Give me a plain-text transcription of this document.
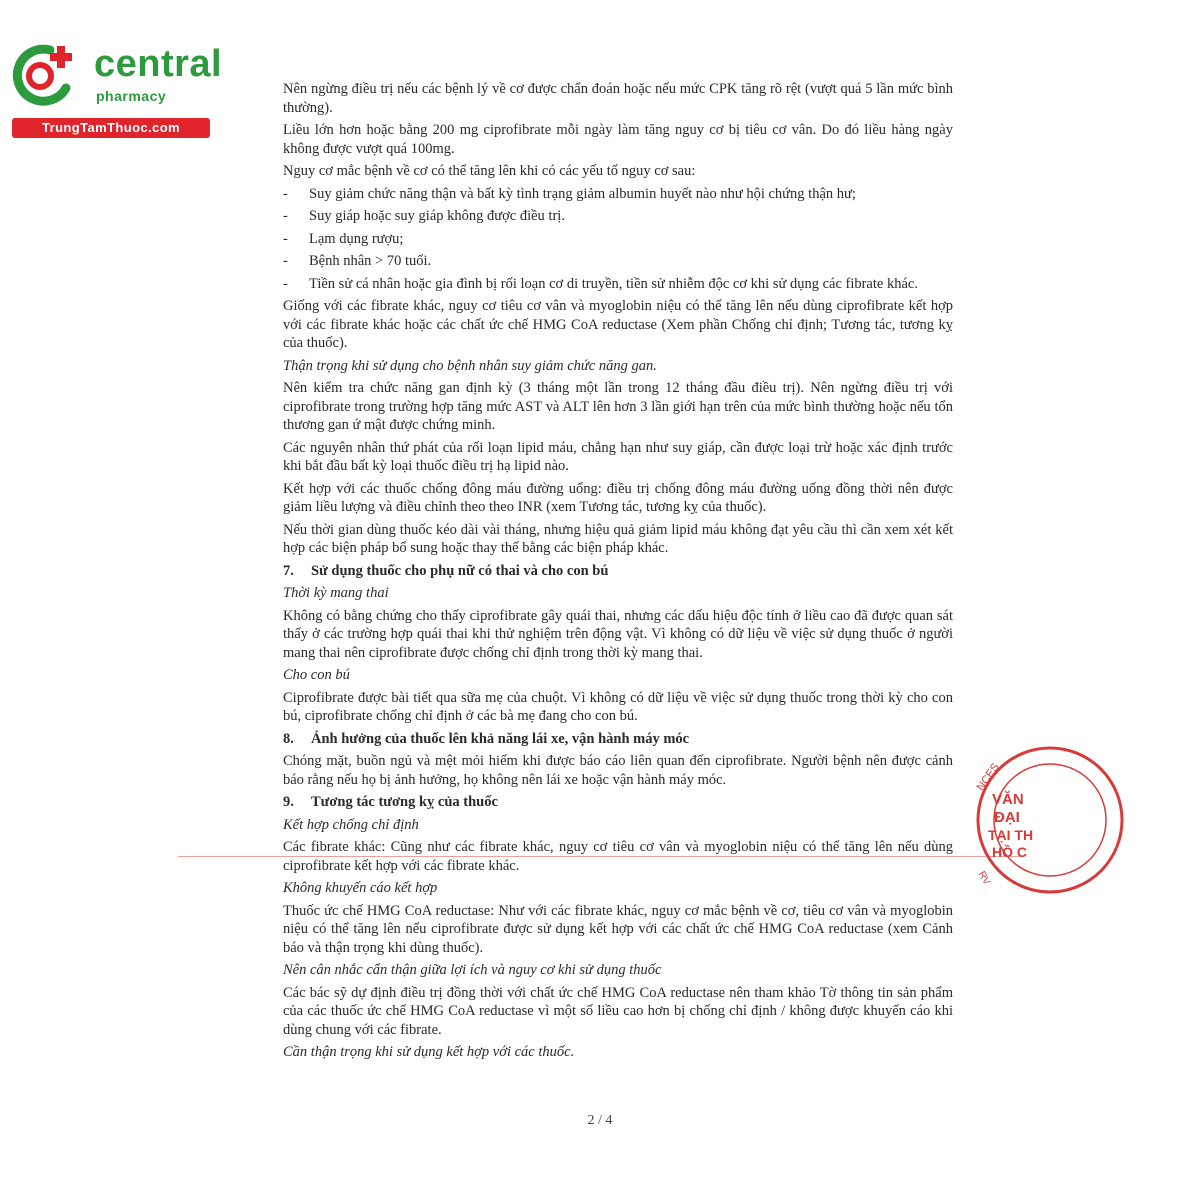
central
pharmacy
TrungTamThuoc.com

Nên ngừng điều trị nếu các bệnh lý về cơ được chẩn đoán hoặc nếu mức CPK tăng rõ rệt (vượt quá 5 lần mức bình thường).

Liều lớn hơn hoặc bằng 200 mg ciprofibrate mỗi ngày làm tăng nguy cơ bị tiêu cơ vân. Do đó liều hàng ngày không được vượt quá 100mg.

Nguy cơ mắc bệnh về cơ có thể tăng lên khi có các yếu tố nguy cơ sau:

- Suy giảm chức năng thận và bất kỳ tình trạng giảm albumin huyết nào như hội chứng thận hư;

- Suy giáp hoặc suy giáp không được điều trị.

- Lạm dụng rượu;

- Bệnh nhân > 70 tuổi.

- Tiền sử cá nhân hoặc gia đình bị rối loạn cơ di truyền, tiền sử nhiễm độc cơ khi sử dụng các fibrate khác.

Giống với các fibrate khác, nguy cơ tiêu cơ vân và myoglobin niệu có thể tăng lên nếu dùng ciprofibrate kết hợp với các fibrate khác hoặc các chất ức chế HMG CoA reductase (Xem phần Chống chỉ định; Tương tác, tương kỵ của thuốc).

Thận trọng khi sử dụng cho bệnh nhân suy giảm chức năng gan.

Nên kiểm tra chức năng gan định kỳ (3 tháng một lần trong 12 tháng đầu điều trị). Nên ngừng điều trị với ciprofibrate trong trường hợp tăng mức AST và ALT lên hơn 3 lần giới hạn trên của mức bình thường hoặc nếu tổn thương gan ứ mật được chứng minh.

Các nguyên nhân thứ phát của rối loạn lipid máu, chẳng hạn như suy giáp, cần được loại trừ hoặc xác định trước khi bắt đầu bất kỳ loại thuốc điều trị hạ lipid nào.

Kết hợp với các thuốc chống đông máu đường uống: điều trị chống đông máu đường uống đồng thời nên được giảm liều lượng và điều chỉnh theo theo INR (xem Tương tác, tương kỵ của thuốc).

Nếu thời gian dùng thuốc kéo dài vài tháng, nhưng hiệu quả giảm lipid máu không đạt yêu cầu thì cần xem xét kết hợp các biện pháp bổ sung hoặc thay thế bằng các biện pháp khác.

7. Sử dụng thuốc cho phụ nữ có thai và cho con bú

Thời kỳ mang thai

Không có bằng chứng cho thấy ciprofibrate gây quái thai, nhưng các dấu hiệu độc tính ở liều cao đã được quan sát thấy ở các trường hợp quái thai khi thử nghiệm trên động vật. Vì không có dữ liệu về việc sử dụng thuốc ở người mang thai nên ciprofibrate được chống chỉ định trong thời kỳ mang thai.

Cho con bú

Ciprofibrate được bài tiết qua sữa mẹ của chuột. Vì không có dữ liệu về việc sử dụng thuốc trong thời kỳ cho con bú, ciprofibrate chống chỉ định ở các bà mẹ đang cho con bú.

8. Ảnh hưởng của thuốc lên khả năng lái xe, vận hành máy móc

Chóng mặt, buồn ngủ và mệt mỏi hiếm khi được báo cáo liên quan đến ciprofibrate. Người bệnh nên được cảnh báo rằng nếu họ bị ảnh hưởng, họ không nên lái xe hoặc vận hành máy móc.

9. Tương tác tương kỵ của thuốc

Kết hợp chống chỉ định

Các fibrate khác: Cũng như các fibrate khác, nguy cơ tiêu cơ vân và myoglobin niệu có thể tăng lên nếu dùng ciprofibrate kết hợp với các fibrate khác.

Không khuyến cáo kết hợp

Thuốc ức chế HMG CoA reductase: Như với các fibrate khác, nguy cơ mắc bệnh về cơ, tiêu cơ vân và myoglobin niệu có thể tăng lên nếu ciprofibrate được sử dụng kết hợp với các chất ức chế HMG CoA reductase (xem Cảnh báo và thận trọng khi dùng thuốc).

Nên cân nhắc cẩn thận giữa lợi ích và nguy cơ khi sử dụng thuốc

Các bác sỹ dự định điều trị đồng thời với chất ức chế HMG CoA reductase nên tham khảo Tờ thông tin sản phẩm của các thuốc ức chế HMG CoA reductase vì một số liều cao hơn bị chống chỉ định / không được khuyến cáo khi dùng chung với các fibrate.

Cần thận trọng khi sử dụng kết hợp với các thuốc.

NCES
VĂN
ĐẠI
TẠI TH
HỒ C
RV
2 / 4
